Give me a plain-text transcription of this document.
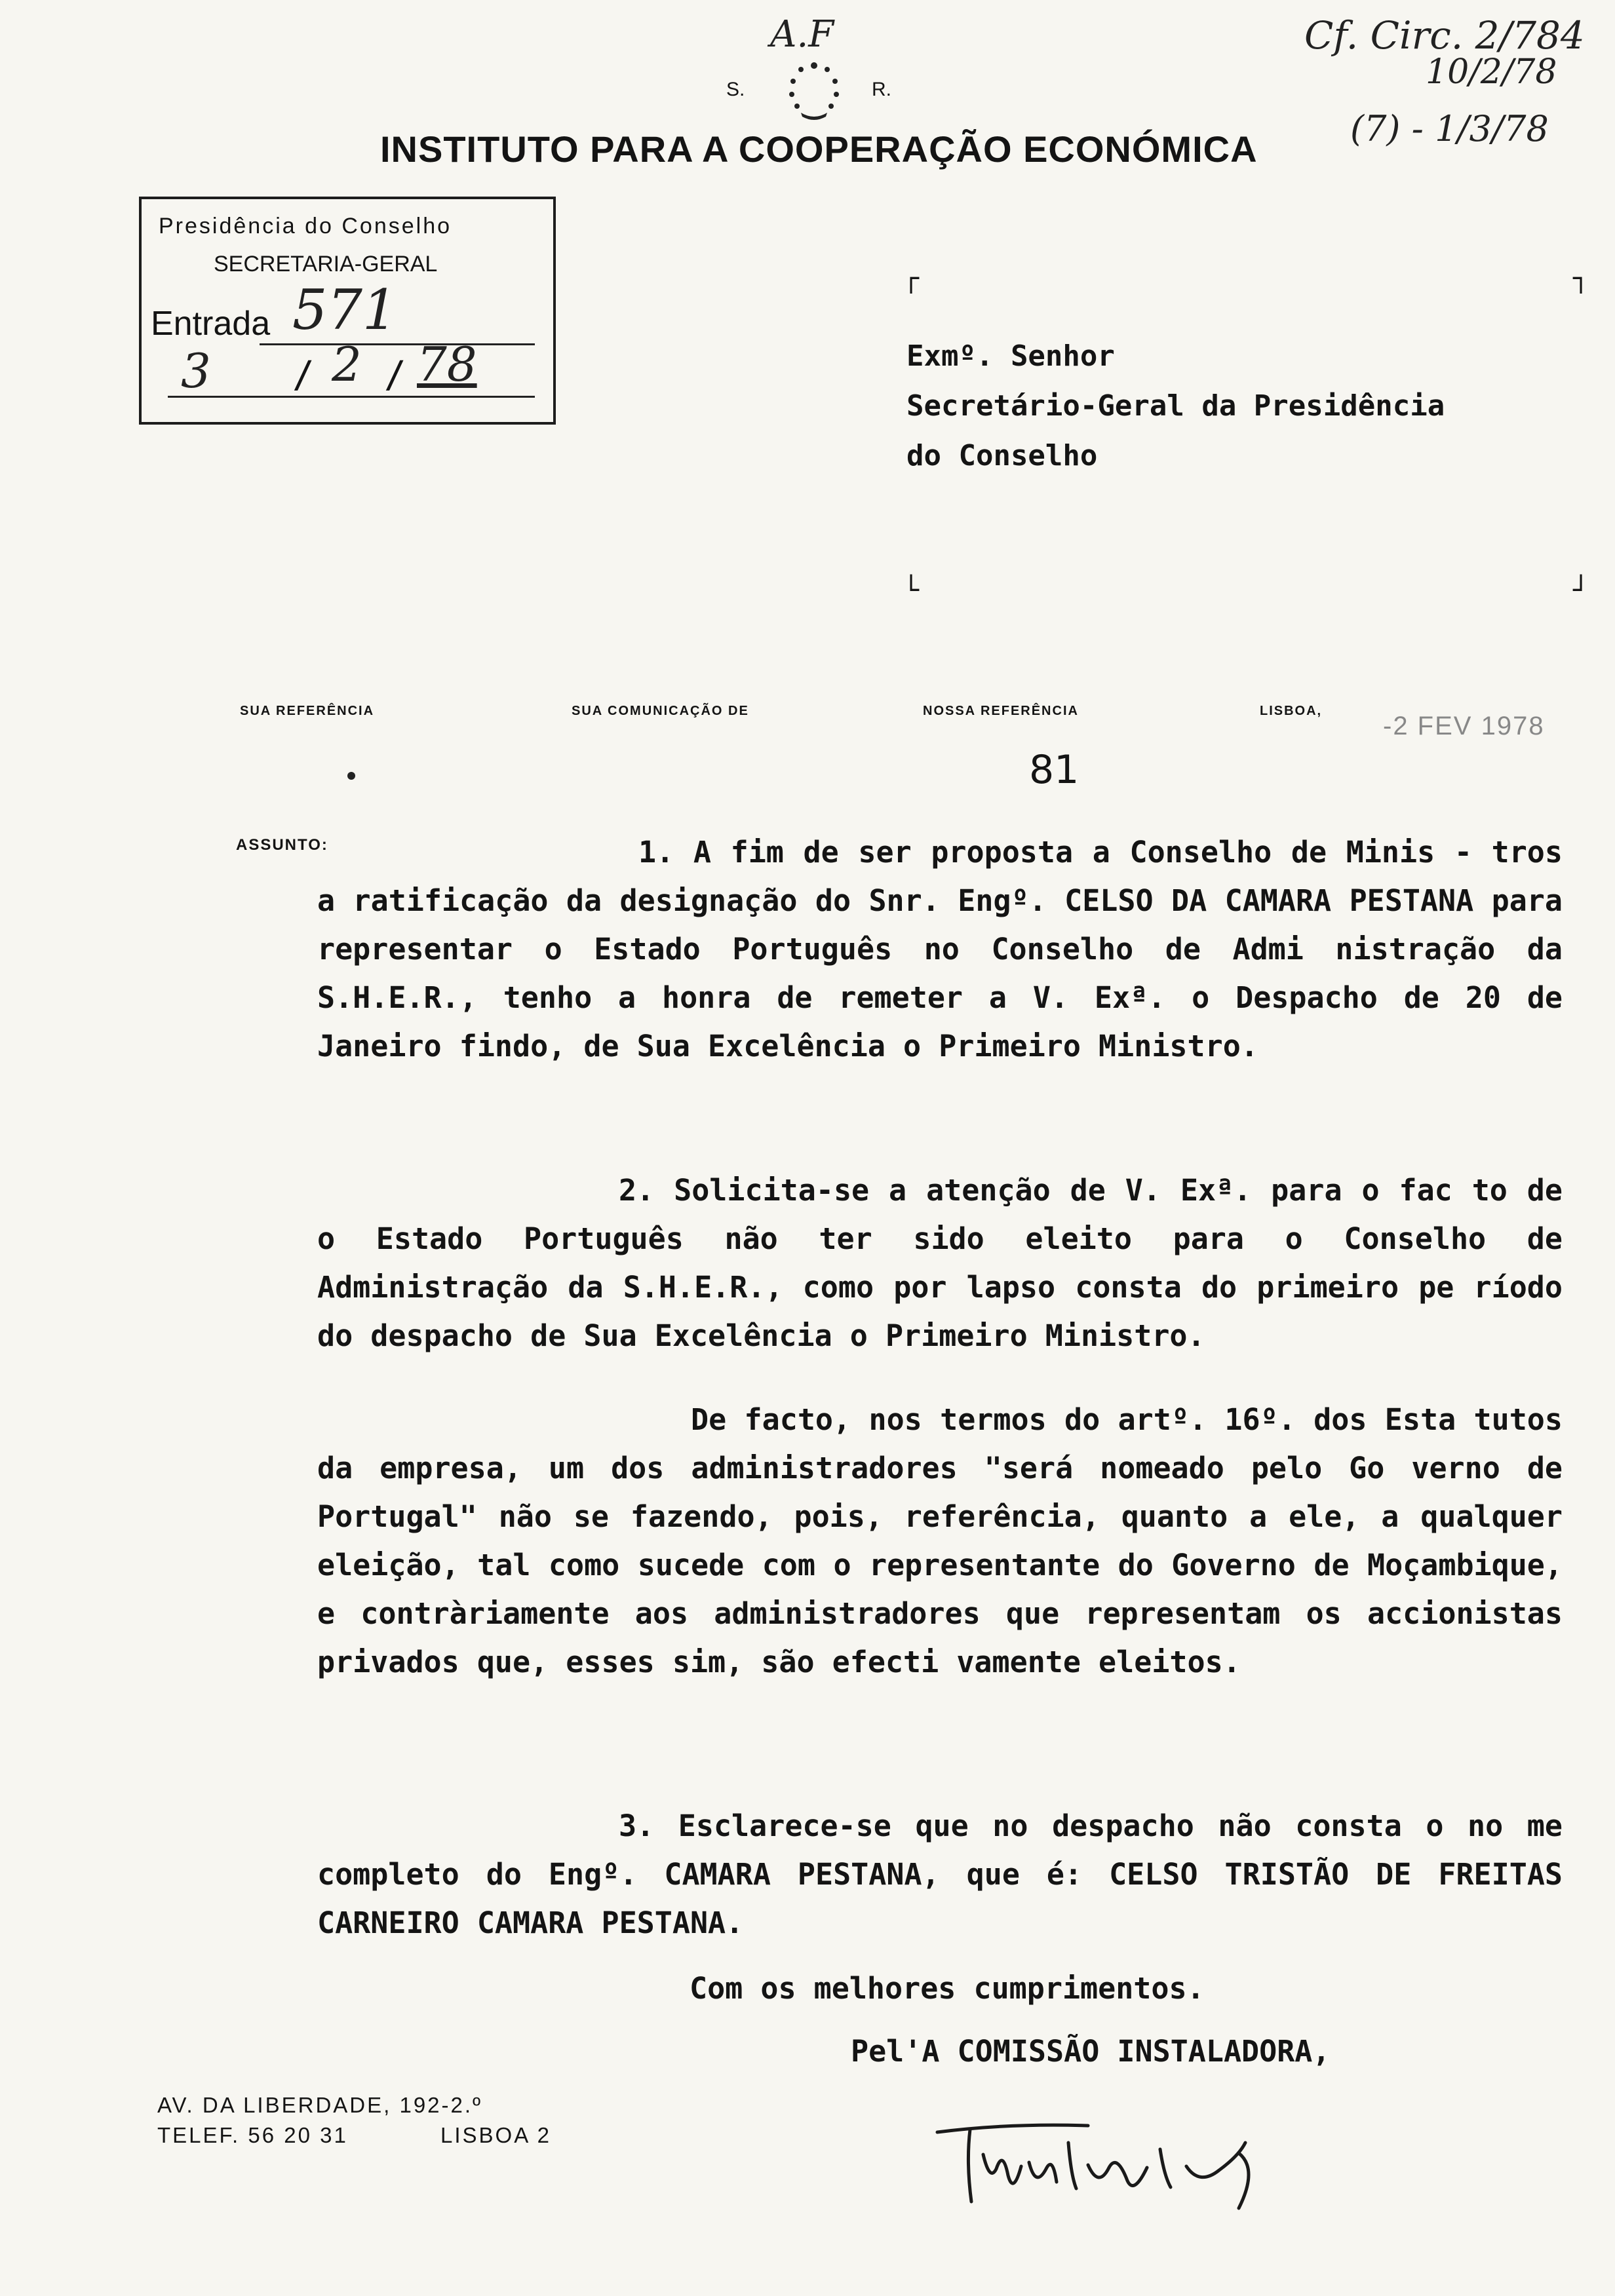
A.F	Cf. Circ. 2/784
10/2/78
(7) - 1/3/78
S.	R.
INSTITUTO PARA A COOPERAÇÃO ECONÓMICA
Presidência do Conselho
SECRETARIA-GERAL
Entrada 571
3 / 2 / 78
┌	┐
└	┘
Exmº. Senhor
Secretário-Geral da Presidência
do Conselho
SUA REFERÊNCIA	SUA COMUNICAÇÃO DE	NOSSA REFERÊNCIA	LISBOA,
-2 FEV 1978
81
ASSUNTO:	1. A fim de ser proposta a Conselho de Minis - tros a ratificação da designação do Snr. Engº. CELSO DA CAMARA PESTANA para representar o Estado Português no Conselho de Admi nistração da S.H.E.R., tenho a honra de remeter a V. Exª. o Despacho de 20 de Janeiro findo, de Sua Excelência o Primeiro Ministro.
2. Solicita-se a atenção de V. Exª. para o fac to de o Estado Português não ter sido eleito para o Conselho de Administração da S.H.E.R., como por lapso consta do primeiro pe ríodo do despacho de Sua Excelência o Primeiro Ministro.
De facto, nos termos do artº. 16º. dos Esta tutos da empresa, um dos administradores "será nomeado pelo Go verno de Portugal" não se fazendo, pois, referência, quanto a ele, a qualquer eleição, tal como sucede com o representante do Governo de Moçambique, e contràriamente aos administradores que representam os accionistas privados que, esses sim, são efecti vamente eleitos.
3. Esclarece-se que no despacho não consta o no me completo do Engº. CAMARA PESTANA, que é: CELSO TRISTÃO DE FREITAS CARNEIRO CAMARA PESTANA.
Com os melhores cumprimentos.
Pel'A COMISSÃO INSTALADORA,
AV. DA LIBERDADE, 192-2.º
TELEF. 56 20 31	LISBOA 2
